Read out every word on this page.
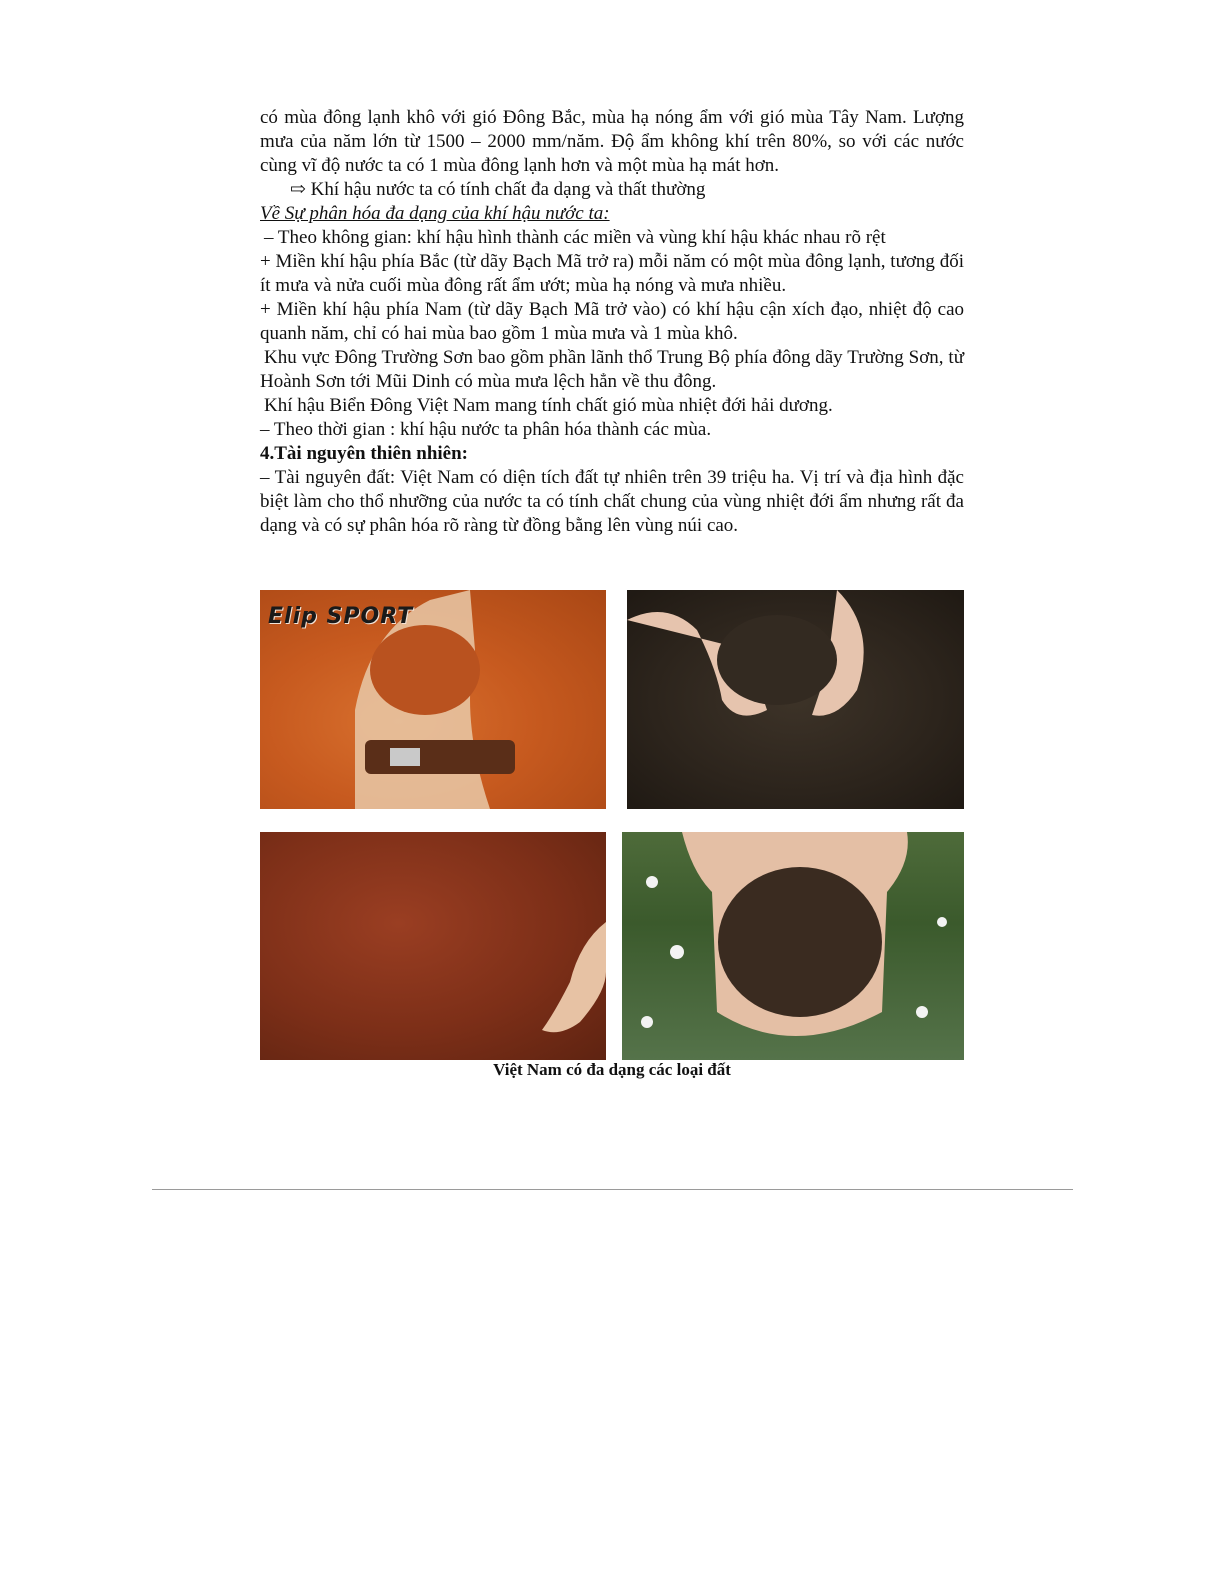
có mùa đông lạnh khô với gió Đông Bắc, mùa hạ nóng ẩm với gió mùa Tây Nam. Lượng mưa của năm lớn từ 1500 – 2000 mm/năm. Độ ẩm không khí trên 80%, so với các nước cùng vĩ độ nước ta có 1 mùa đông lạnh hơn và một mùa hạ mát hơn.

⇨ Khí hậu nước ta có tính chất đa dạng và thất thường

Về Sự phân hóa đa dạng của khí hậu nước ta:

– Theo không gian: khí hậu hình thành các miền và vùng khí hậu khác nhau rõ rệt

+ Miền khí hậu phía Bắc (từ dãy Bạch Mã trở ra) mỗi năm có một mùa đông lạnh, tương đối ít mưa và nửa cuối mùa đông rất ẩm ướt; mùa hạ nóng và mưa nhiều.

+ Miền khí hậu phía Nam (từ dãy Bạch Mã trở vào) có khí hậu cận xích đạo, nhiệt độ cao quanh năm, chỉ có hai mùa bao gồm 1 mùa mưa và 1 mùa khô.

Khu vực Đông Trường Sơn bao gồm phần lãnh thổ Trung Bộ phía đông dãy Trường Sơn, từ Hoành Sơn tới Mũi Dinh có mùa mưa lệch hẳn về thu đông.

Khí hậu Biển Đông Việt Nam mang tính chất gió mùa nhiệt đới hải dương.

– Theo thời gian : khí hậu nước ta phân hóa thành các mùa.

4.Tài nguyên thiên nhiên:

– Tài nguyên đất: Việt Nam có diện tích đất tự nhiên trên 39 triệu ha. Vị trí và địa hình đặc biệt làm cho thổ nhưỡng của nước ta có tính chất chung của vùng nhiệt đới ẩm nhưng rất đa dạng và có sự phân hóa rõ ràng từ đồng bằng lên vùng núi cao.

Elip SPORT
Việt Nam có đa dạng các loại đất
